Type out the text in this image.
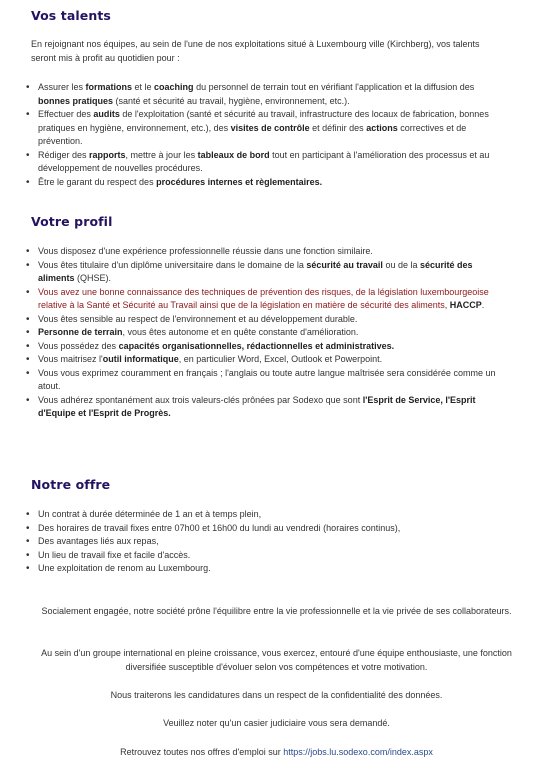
Vos talents

En rejoignant nos équipes, au sein de l'une de nos exploitations situé à Luxembourg ville (Kirchberg), vos talents seront mis à profit au quotidien pour :

• Assurer les formations et le coaching du personnel de terrain tout en vérifiant l'application et la diffusion des bonnes pratiques (santé et sécurité au travail, hygiène, environnement, etc.).
• Effectuer des audits de l'exploitation (santé et sécurité au travail, infrastructure des locaux de fabrication, bonnes pratiques en hygiène, environnement, etc.), des visites de contrôle et définir des actions correctives et de prévention.
• Rédiger des rapports, mettre à jour les tableaux de bord tout en participant à l'amélioration des processus et au développement de nouvelles procédures.
• Être le garant du respect des procédures internes et règlementaires.
Votre profil
• Vous disposez d'une expérience professionnelle réussie dans une fonction similaire.
• Vous êtes titulaire d'un diplôme universitaire dans le domaine de la sécurité au travail ou de la sécurité des aliments (QHSE).
• Vous avez une bonne connaissance des techniques de prévention des risques, de la législation luxembourgeoise relative à la Santé et Sécurité au Travail ainsi que de la législation en matière de sécurité des aliments, HACCP.
• Vous êtes sensible au respect de l'environnement et au développement durable.
• Personne de terrain, vous êtes autonome et en quête constante d'amélioration.
• Vous possédez des capacités organisationnelles, rédactionnelles et administratives.
• Vous maitrisez l'outil informatique, en particulier Word, Excel, Outlook et Powerpoint.
• Vous vous exprimez couramment en français ; l'anglais ou toute autre langue maîtrisée sera considérée comme un atout.
• Vous adhérez spontanément aux trois valeurs-clés prônées par Sodexo que sont l'Esprit de Service, l'Esprit d'Equipe et l'Esprit de Progrès.
Notre offre
• Un contrat à durée déterminée de 1 an et à temps plein,
• Des horaires de travail fixes entre 07h00 et 16h00 du lundi au vendredi (horaires continus),
• Des avantages liés aux repas,
• Un lieu de travail fixe et facile d'accès.
• Une exploitation de renom au Luxembourg.

Socialement engagée, notre société prône l'équilibre entre la vie professionnelle et la vie privée de ses collaborateurs.

Au sein d'un groupe international en pleine croissance, vous exercez, entouré d'une équipe enthousiaste, une fonction diversifiée susceptible d'évoluer selon vos compétences et votre motivation.

Nous traiterons les candidatures dans un respect de la confidentialité des données.

Veuillez noter qu'un casier judiciaire vous sera demandé.

Retrouvez toutes nos offres d'emploi sur https://jobs.lu.sodexo.com/index.aspx
